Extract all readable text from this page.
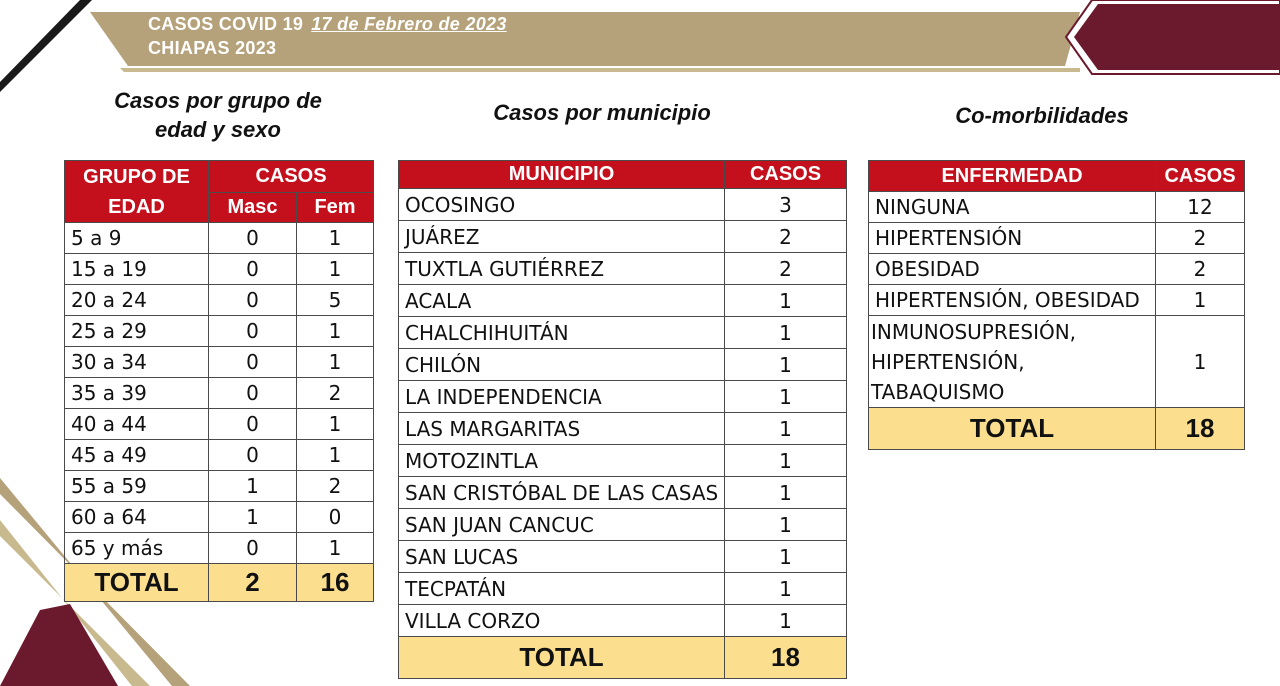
CASOS COVID 19 17 de Febrero de 2023
CHIAPAS 2023
Casos por grupo de
edad y sexo
Casos por municipio	Co-morbilidades
GRUPO DE
EDAD	CASOS	
	Masc	Fem
5 a 9	0	1
15 a 19	0	1
20 a 24	0	5
25 a 29	0	1
30 a 34	0	1
35 a 39	0	2
40 a 44	0	1
45 a 49	0	1
55 a 59	1	2
60 a 64	1	0
65 y más	0	1
TOTAL	2	16
MUNICIPIO	CASOS
OCOSINGO	3
JUÁREZ	2
TUXTLA GUTIÉRREZ	2
ACALA	1
CHALCHIHUITÁN	1
CHILÓN	1
LA INDEPENDENCIA	1
LAS MARGARITAS	1
MOTOZINTLA	1
SAN CRISTÓBAL DE LAS CASAS	1
SAN JUAN CANCUC	1
SAN LUCAS	1
TECPATÁN	1
VILLA CORZO	1
TOTAL	18
ENFERMEDAD	CASOS
NINGUNA	12
HIPERTENSIÓN	2
OBESIDAD	2
HIPERTENSIÓN, OBESIDAD	1
INMUNOSUPRESIÓN, HIPERTENSIÓN, TABAQUISMO	1
TOTAL	18
